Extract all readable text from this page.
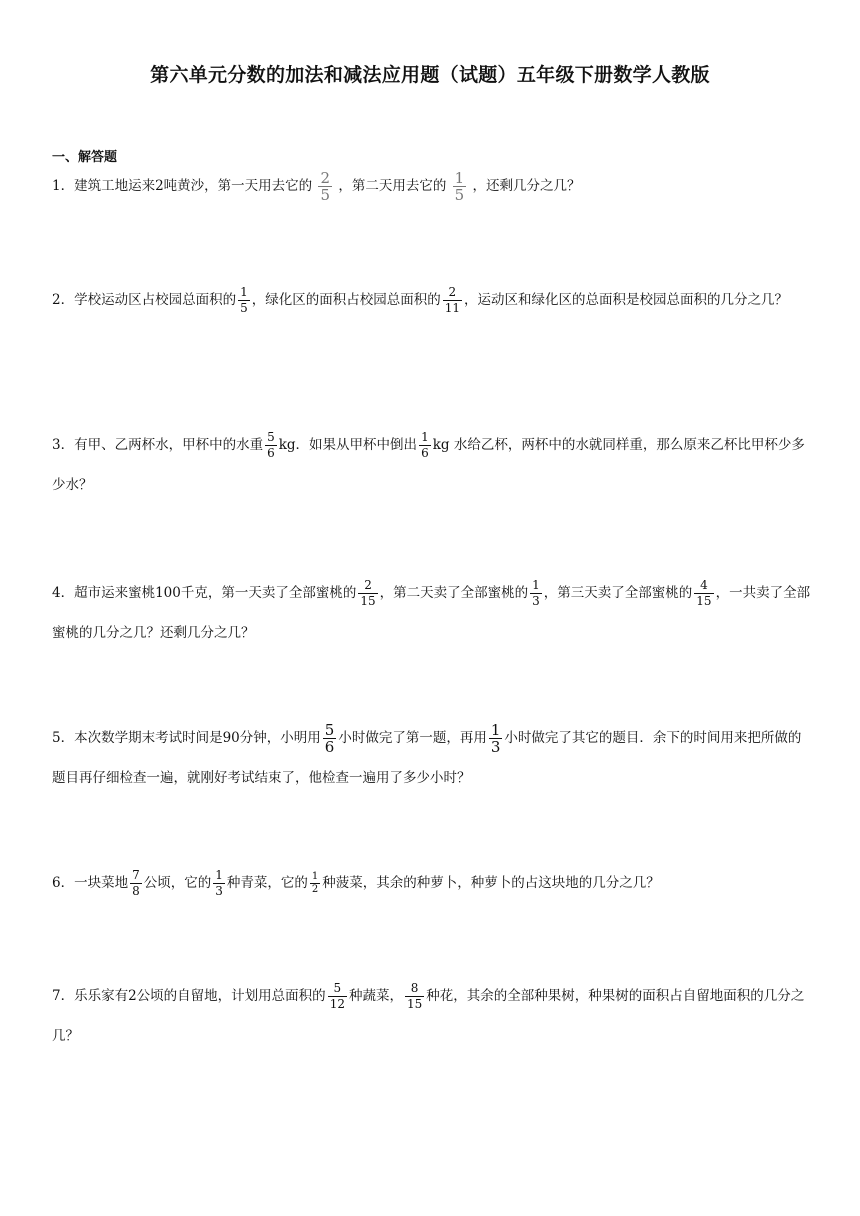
第六单元分数的加法和减法应用题（试题）五年级下册数学人教版
一、解答题
1．建筑工地运来2吨黄沙，第一天用去它的 $\frac{2}{5}$ ，第二天用去它的 $\frac{1}{5}$ ，还剩几分之几？
2．学校运动区占校园总面积的 $\frac{1}{5}$ ，绿化区的面积占校园总面积的 $\frac{2}{11}$ ，运动区和绿化区的总面积是校园总面积的几分之几？
3．有甲、乙两杯水，甲杯中的水重 $\frac{5}{6}$ kg．如果从甲杯中倒出 $\frac{1}{6}$ kg 水给乙杯，两杯中的水就同样重，那么原来乙杯比甲杯少多少水？
4．超市运来蜜桃100千克，第一天卖了全部蜜桃的 $\frac{2}{15}$ ，第二天卖了全部蜜桃的 $\frac{1}{3}$ ，第三天卖了全部蜜桃的 $\frac{4}{15}$ ，一共卖了全部蜜桃的几分之几？还剩几分之几？
5．本次数学期末考试时间是90分钟，小明用 $\frac{5}{6}$ 小时做完了第一题，再用 $\frac{1}{3}$ 小时做完了其它的题目．余下的时间用来把所做的题目再仔细检查一遍，就刚好考试结束了，他检查一遍用了多少小时？
6．一块菜地 $\frac{7}{8}$ 公顷，它的 $\frac{1}{3}$ 种青菜，它的 $\frac{1}{2}$ 种菠菜，其余的种萝卜，种萝卜的占这块地的几分之几？
7．乐乐家有2公顷的自留地，计划用总面积的 $\frac{5}{12}$ 种蔬菜， $\frac{8}{15}$ 种花，其余的全部种果树，种果树的面积占自留地面积的几分之几？
